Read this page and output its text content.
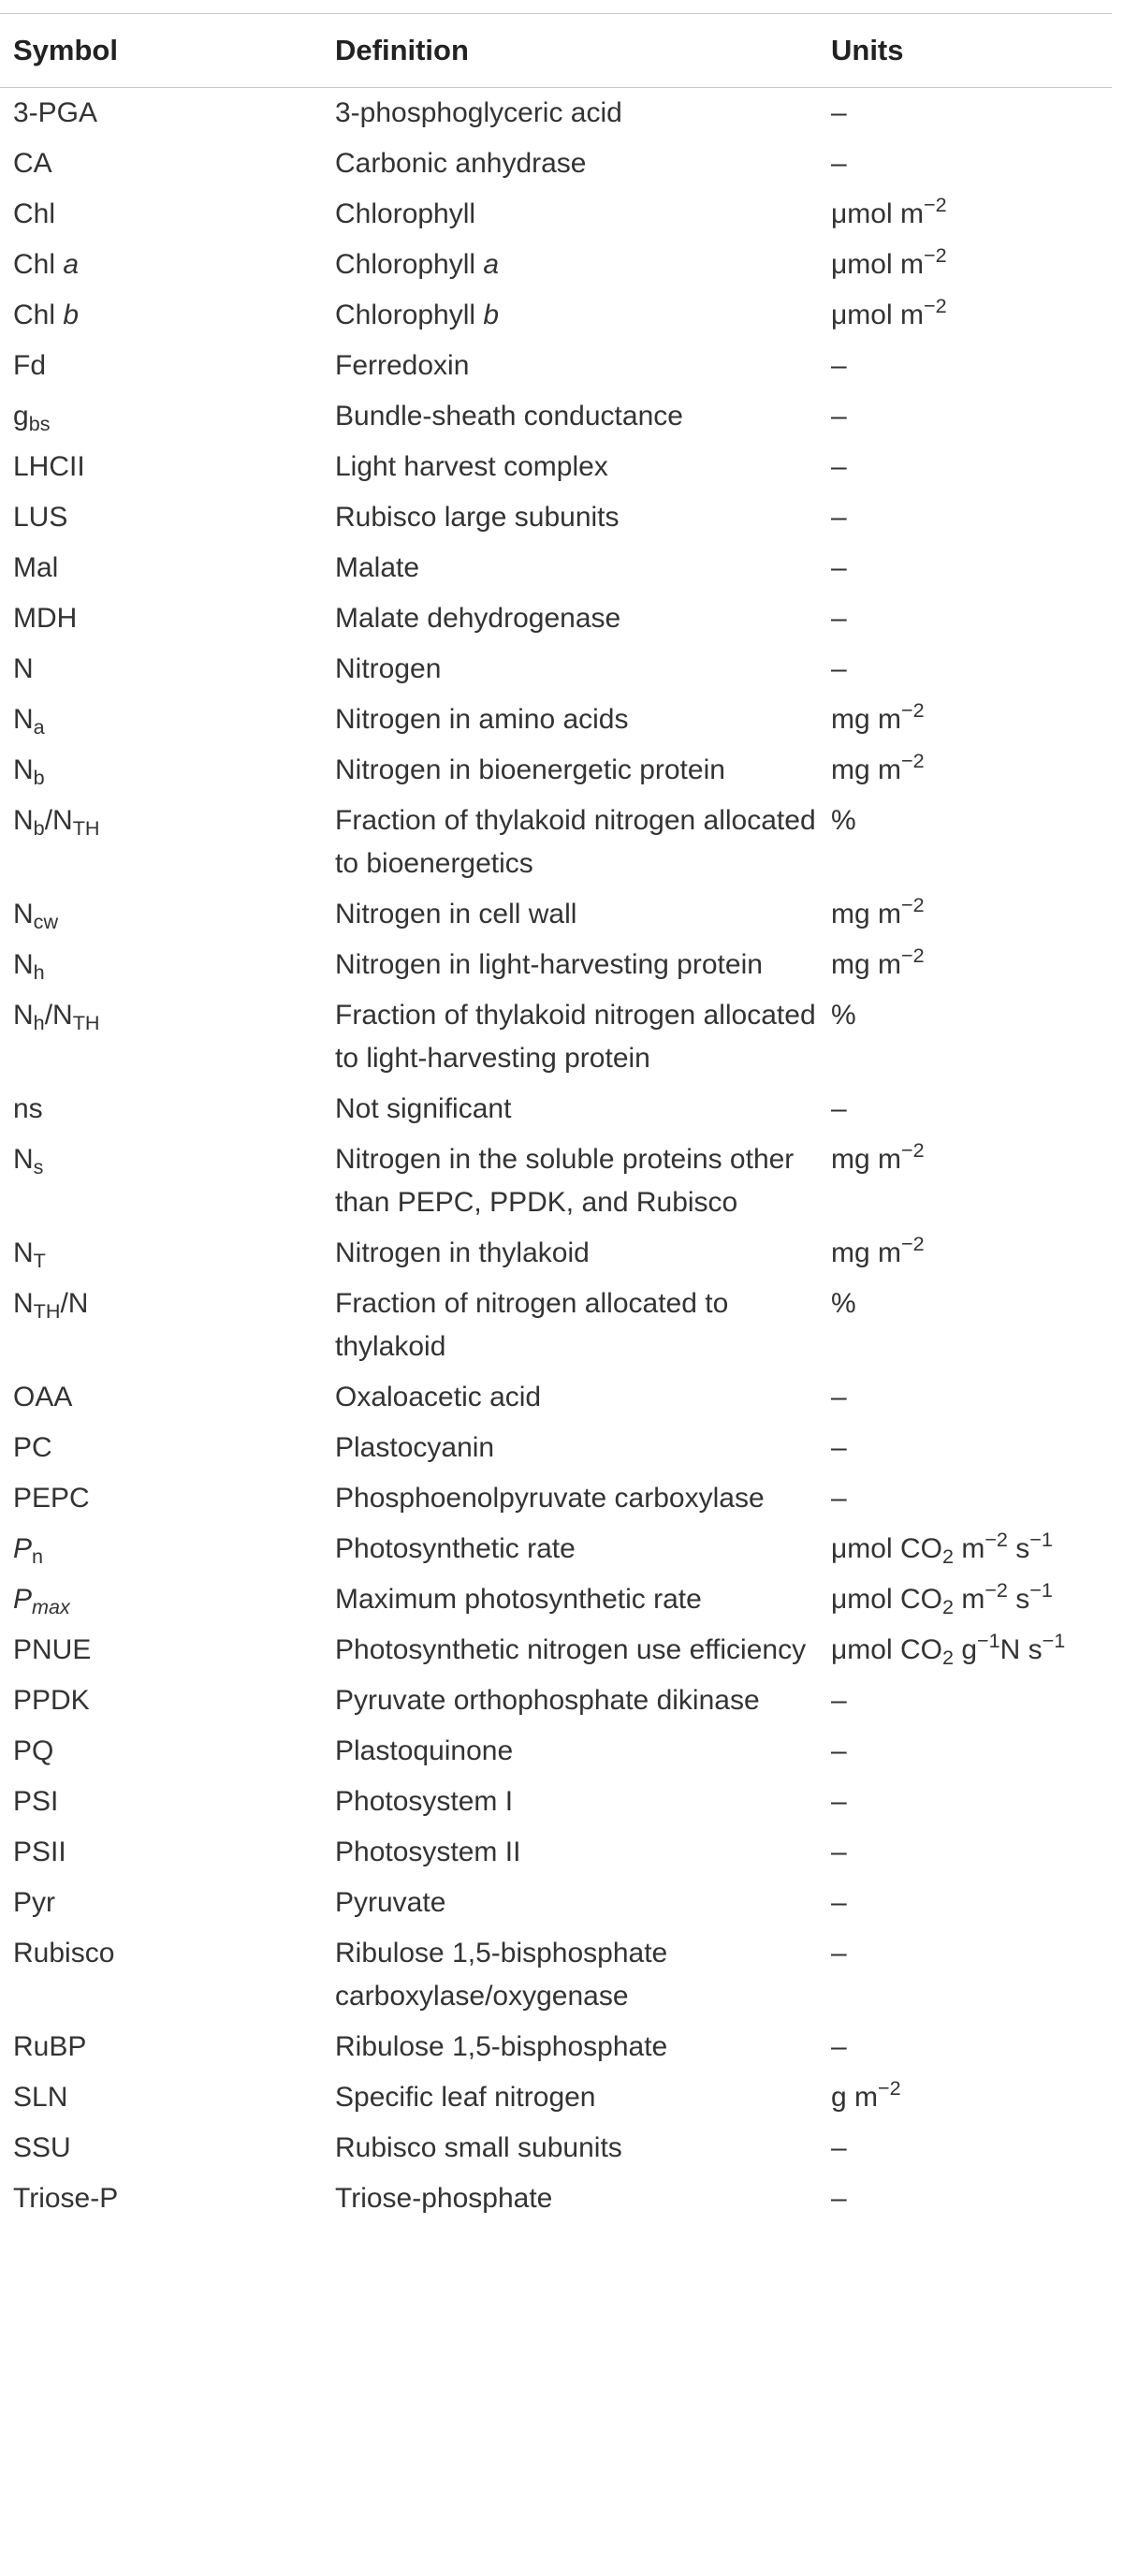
Symbol	Definition	Units
3-PGA	3-phosphoglyceric acid	–
CA	Carbonic anhydrase	–
Chl	Chlorophyll	μmol $m^{-2}$
Chl a	Chlorophyll a	μmol $m^{-2}$
Chl b	Chlorophyll b	μmol $m^{-2}$
Fd	Ferredoxin	–
$g_{bs}$	Bundle-sheath conductance	–
LHCII	Light harvest complex	–
LUS	Rubisco large subunits	–
Mal	Malate	–
MDH	Malate dehydrogenase	–
N	Nitrogen	–
$N_a$	Nitrogen in amino acids	mg $m^{-2}$
$N_b$	Nitrogen in bioenergetic protein	mg $m^{-2}$
$N_b/N_{TH}$	Fraction of thylakoid nitrogen allocated to bioenergetics	%
$N_{cw}$	Nitrogen in cell wall	mg $m^{-2}$
$N_h$	Nitrogen in light-harvesting protein	mg $m^{-2}$
$N_h/N_{TH}$	Fraction of thylakoid nitrogen allocated to light-harvesting protein	%
ns	Not significant	–
$N_s$	Nitrogen in the soluble proteins other than PEPC, PPDK, and Rubisco	mg $m^{-2}$
$N_T$	Nitrogen in thylakoid	mg $m^{-2}$
$N_{TH}/N$	Fraction of nitrogen allocated to thylakoid	%
OAA	Oxaloacetic acid	–
PC	Plastocyanin	–
PEPC	Phosphoenolpyruvate carboxylase	–
$P_n$	Photosynthetic rate	μmol $CO_2$ $m^{-2}$ $s^{-1}$
$P_{max}$	Maximum photosynthetic rate	μmol $CO_2$ $m^{-2}$ $s^{-1}$
PNUE	Photosynthetic nitrogen use efficiency	μmol $CO_2$ $g^{-1}N$ $s^{-1}$
PPDK	Pyruvate orthophosphate dikinase	–
PQ	Plastoquinone	–
PSI	Photosystem I	–
PSII	Photosystem II	–
Pyr	Pyruvate	–
Rubisco	Ribulose 1,5-bisphosphate carboxylase/oxygenase	–
RuBP	Ribulose 1,5-bisphosphate	–
SLN	Specific leaf nitrogen	g $m^{-2}$
SSU	Rubisco small subunits	–
Triose-P	Triose-phosphate	–
